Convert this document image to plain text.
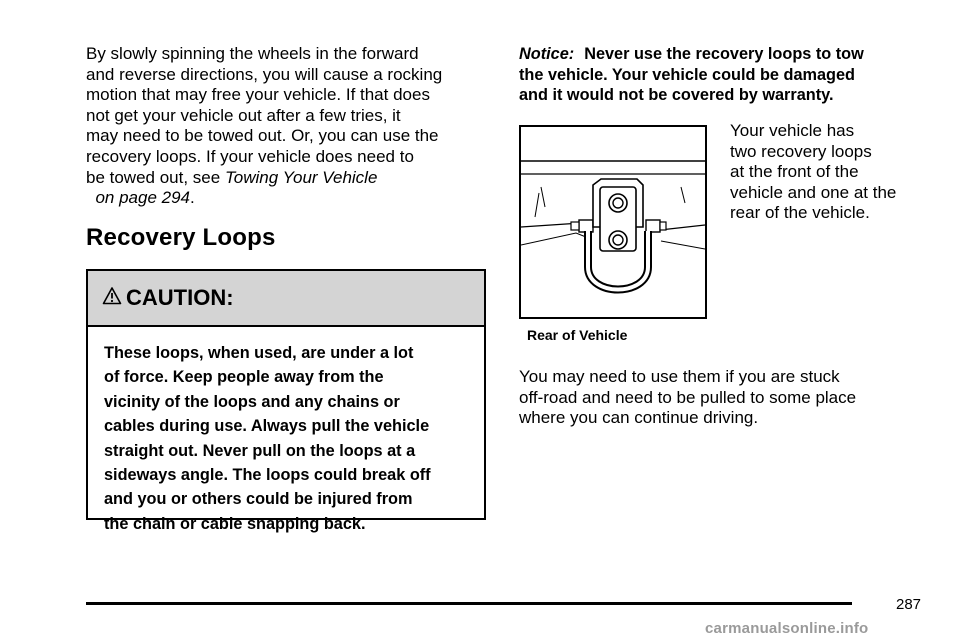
By slowly spinning the wheels in the forward
and reverse directions, you will cause a rocking
motion that may free your vehicle. If that does
not get your vehicle out after a few tries, it
may need to be towed out. Or, you can use the
recovery loops. If your vehicle does need to
be towed out, see Towing Your Vehicle
on page 294.

Recovery Loops
CAUTION:
These loops, when used, are under a lot
of force. Keep people away from the
vicinity of the loops and any chains or
cables during use. Always pull the vehicle
straight out. Never pull on the loops at a
sideways angle. The loops could break off
and you or others could be injured from
the chain or cable snapping back.
Notice: Never use the recovery loops to tow
the vehicle. Your vehicle could be damaged
and it would not be covered by warranty.
Rear of Vehicle
Your vehicle has
two recovery loops
at the front of the
vehicle and one at the
rear of the vehicle.
You may need to use them if you are stuck
off-road and need to be pulled to some place
where you can continue driving.
287
carmanualsonline.info
